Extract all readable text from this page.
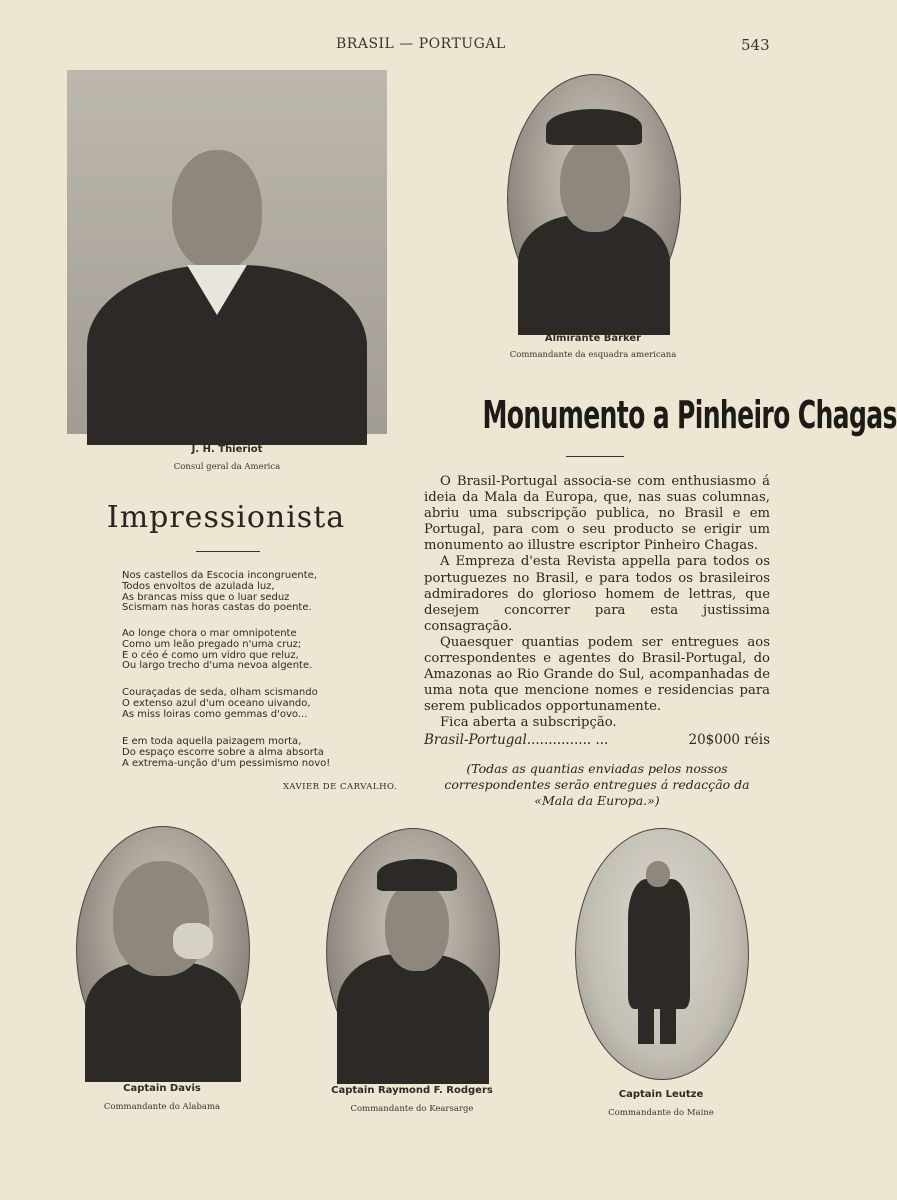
BRASIL — PORTUGAL	543
J. H. Thieriot
Consul geral da America
Almirante Barker
Commandante da esquadra americana
Impressionista
Nos castellos da Escocia incongruente,
Todos envoltos de azulada luz,
As brancas miss que o luar seduz
Scismam nas horas castas do poente.
Ao longe chora o mar omnipotente
Como um leão pregado n'uma cruz;
E o céo é como um vidro que reluz,
Ou largo trecho d'uma nevoa algente.
Couraçadas de seda, olham scismando
O extenso azul d'um oceano uivando,
As miss loiras como gemmas d'ovo...
E em toda aquella paizagem morta,
Do espaço escorre sobre a alma absorta
A extrema-unção d'um pessimismo novo!
XAVIER DE CARVALHO.
Monumento a Pinheiro Chagas

O Brasil-Portugal associa-se com enthusiasmo á ideia da Mala da Europa, que, nas suas columnas, abriu uma subscripção publica, no Brasil e em Portugal, para com o seu producto se erigir um monumento ao illustre escriptor Pinheiro Chagas.

A Empreza d'esta Revista appella para todos os portuguezes no Brasil, e para todos os brasileiros admiradores do glorioso homem de lettras, que desejem concorrer para esta justissima consagração.

Quaesquer quantias podem ser entregues aos correspondentes e agentes do Brasil-Portugal, do Amazonas ao Rio Grande do Sul, acompanhadas de uma nota que mencione nomes e residencias para serem publicados opportunamente.

Fica aberta a subscripção.

Brasil-Portugal............... ...	20$000 réis
(Todas as quantias enviadas pelos nossos correspondentes serão entregues á redacção da «Mala da Europa.»)
Captain Davis
Commandante do Alabama
Captain Raymond F. Rodgers
Commandante do Kearsarge
Captain Leutze
Commandante do Maine
